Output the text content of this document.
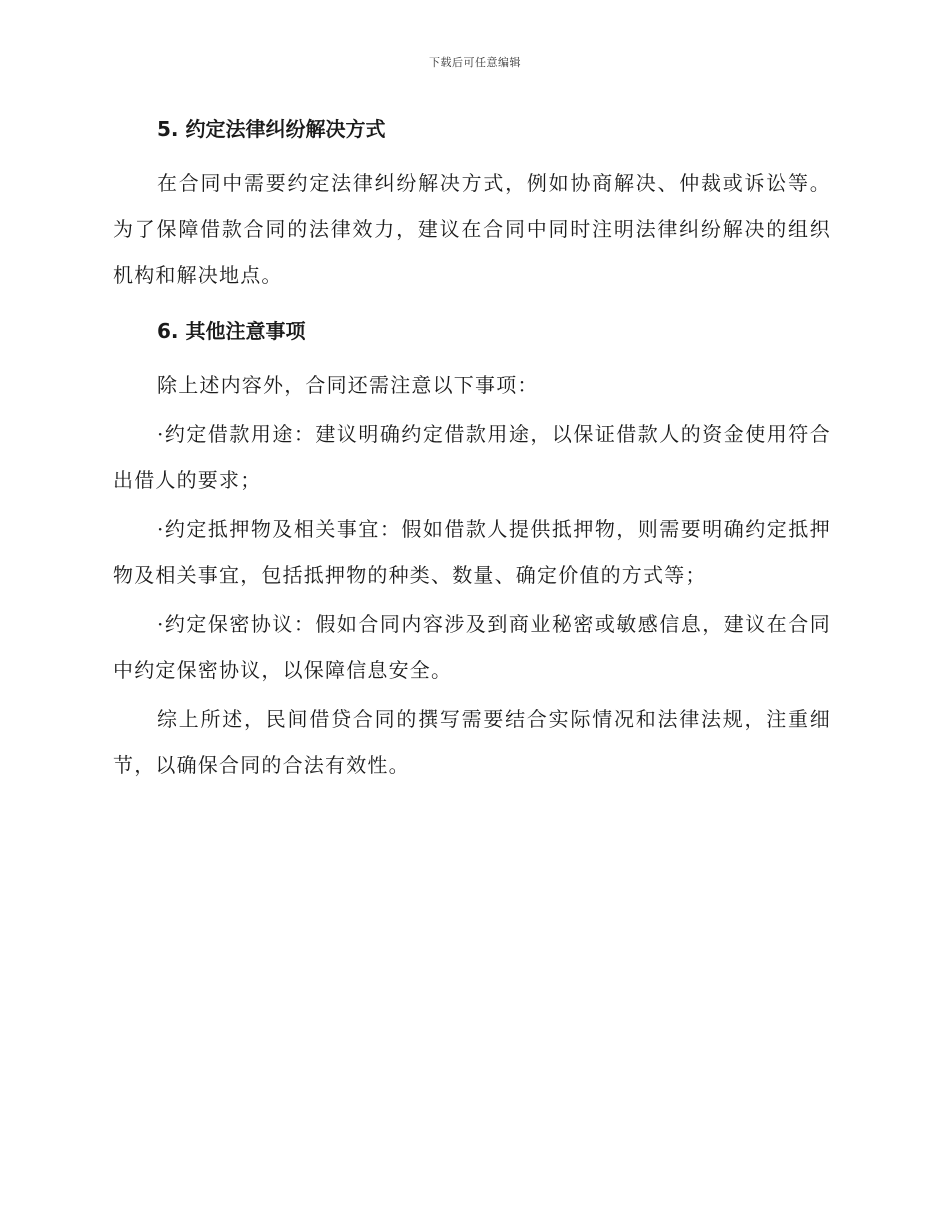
下载后可任意编辑
5. 约定法律纠纷解决方式

在合同中需要约定法律纠纷解决方式，例如协商解决、仲裁或诉讼等。为了保障借款合同的法律效力，建议在合同中同时注明法律纠纷解决的组织机构和解决地点。

6. 其他注意事项

除上述内容外，合同还需注意以下事项：

·约定借款用途：建议明确约定借款用途，以保证借款人的资金使用符合出借人的要求；

·约定抵押物及相关事宜：假如借款人提供抵押物，则需要明确约定抵押物及相关事宜，包括抵押物的种类、数量、确定价值的方式等；

·约定保密协议：假如合同内容涉及到商业秘密或敏感信息，建议在合同中约定保密协议，以保障信息安全。

综上所述，民间借贷合同的撰写需要结合实际情况和法律法规，注重细节，以确保合同的合法有效性。
